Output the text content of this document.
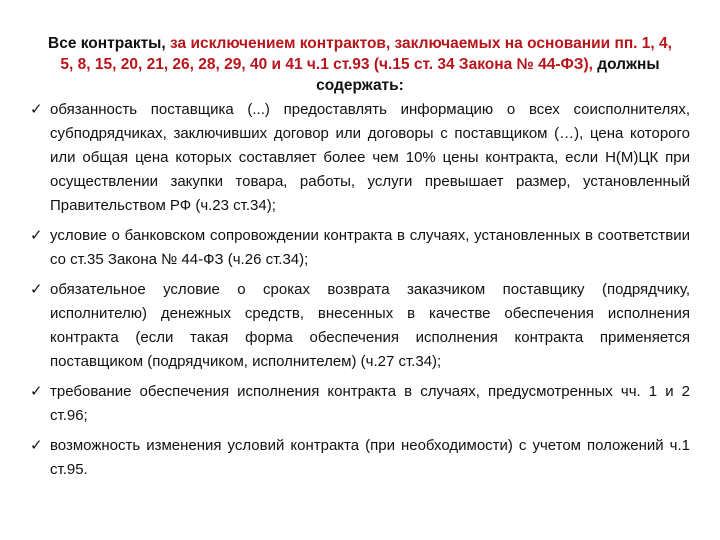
Все контракты, за исключением контрактов, заключаемых на основании пп. 1, 4, 5, 8, 15, 20, 21, 26, 28, 29, 40 и 41 ч.1 ст.93 (ч.15 ст. 34 Закона № 44-ФЗ), должны содержать:
✓ обязанность поставщика (...) предоставлять информацию о всех соисполнителях, субподрядчиках, заключивших договор или договоры с поставщиком (…), цена которого или общая цена которых составляет более чем 10% цены контракта, если Н(М)ЦК при осуществлении закупки товара, работы, услуги превышает размер, установленный Правительством РФ (ч.23 ст.34);
✓ условие о банковском сопровождении контракта в случаях, установленных в соответствии со ст.35 Закона № 44-ФЗ (ч.26 ст.34);
✓ обязательное условие о сроках возврата заказчиком поставщику (подрядчику, исполнителю) денежных средств, внесенных в качестве обеспечения исполнения контракта (если такая форма обеспечения исполнения контракта применяется поставщиком (подрядчиком, исполнителем) (ч.27 ст.34);
✓ требование обеспечения исполнения контракта в случаях, предусмотренных чч. 1 и 2 ст.96;
✓ возможность изменения условий контракта (при необходимости) с учетом положений ч.1 ст.95.
